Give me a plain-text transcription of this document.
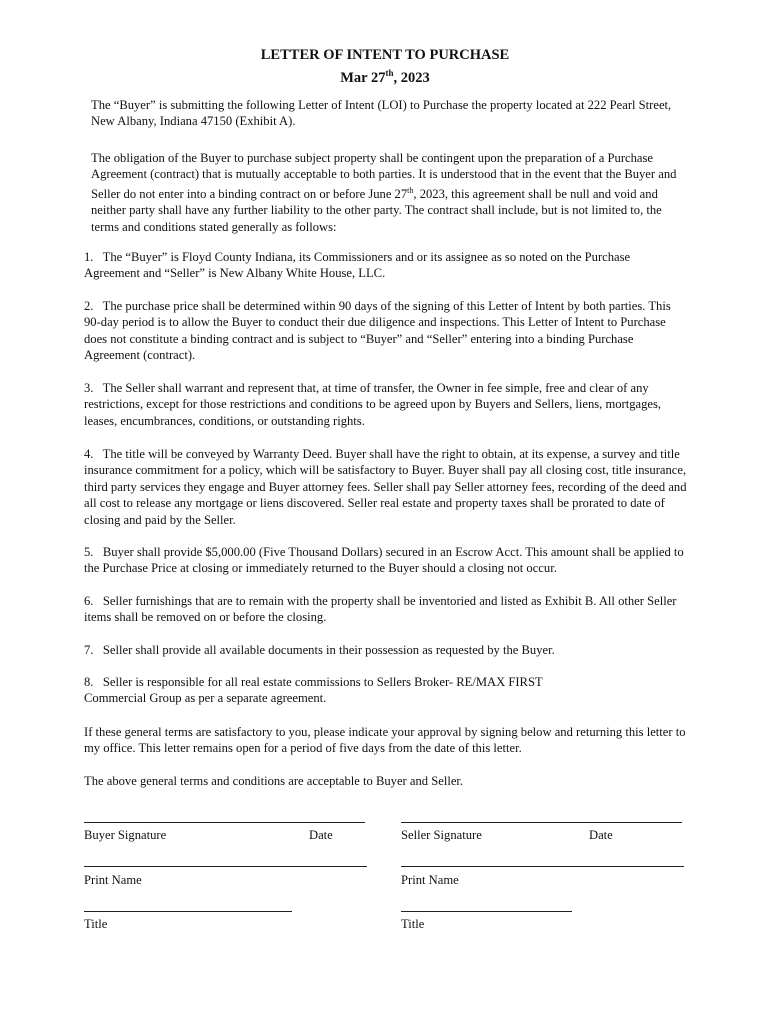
LETTER OF INTENT TO PURCHASE
Mar 27th, 2023

The “Buyer” is submitting the following Letter of Intent (LOI) to Purchase the property located at 222 Pearl Street, New Albany, Indiana 47150 (Exhibit A).

The obligation of the Buyer to purchase subject property shall be contingent upon the preparation of a Purchase Agreement (contract) that is mutually acceptable to both parties. It is understood that in the event that the Buyer and Seller do not enter into a binding contract on or before June 27th, 2023, this agreement shall be null and void and neither party shall have any further liability to the other party. The contract shall include, but is not limited to, the terms and conditions stated generally as follows:

1.   The “Buyer” is Floyd County Indiana, its Commissioners and or its assignee as so noted on the Purchase Agreement and “Seller” is New Albany White House, LLC.

2.   The purchase price shall be determined within 90 days of the signing of this Letter of Intent by both parties. This 90-day period is to allow the Buyer to conduct their due diligence and inspections. This Letter of Intent to Purchase does not constitute a binding contract and is subject to “Buyer” and “Seller” entering into a binding Purchase Agreement (contract).

3.   The Seller shall warrant and represent that, at time of transfer, the Owner in fee simple, free and clear of any restrictions, except for those restrictions and conditions to be agreed upon by Buyers and Sellers, liens, mortgages, leases, encumbrances, conditions, or outstanding rights.

4.   The title will be conveyed by Warranty Deed. Buyer shall have the right to obtain, at its expense, a survey and title insurance commitment for a policy, which will be satisfactory to Buyer. Buyer shall pay all closing cost, title insurance, third party services they engage and Buyer attorney fees. Seller shall pay Seller attorney fees, recording of the deed and all cost to release any mortgage or liens discovered. Seller real estate and property taxes shall be prorated to date of closing and paid by the Seller.

5.   Buyer shall provide $5,000.00 (Five Thousand Dollars) secured in an Escrow Acct. This amount shall be applied to the Purchase Price at closing or immediately returned to the Buyer should a closing not occur.

6.   Seller furnishings that are to remain with the property shall be inventoried and listed as Exhibit B. All other Seller items shall be removed on or before the closing.

7.   Seller shall provide all available documents in their possession as requested by the Buyer.

8.   Seller is responsible for all real estate commissions to Sellers Broker- RE/MAX FIRST Commercial Group as per a separate agreement.

If these general terms are satisfactory to you, please indicate your approval by signing below and returning this letter to my office. This letter remains open for a period of five days from the date of this letter.

The above general terms and conditions are acceptable to Buyer and Seller.

Buyer Signature	Date	Seller Signature	Date
Print Name	Print Name
Title	Title
